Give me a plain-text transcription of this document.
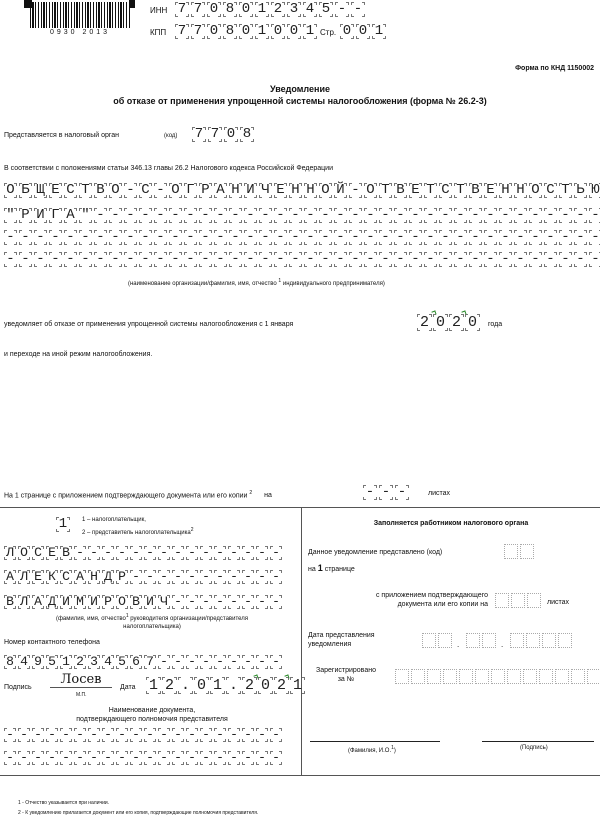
0930 2013
ИНН 7 7 0 8 0 1 2 3 4 5 - -
КПП 7 7 0 8 0 1 0 0 1 Стр. 0 0 1
Форма по КНД 1150002
Уведомление
об отказе от применения упрощенной системы налогообложения (форма № 26.2-3)
Представляется в налоговый орган	(код) 7 7 0 8
В соответствии с положениями статьи 346.13 главы 26.2 Налогового кодекса Российской Федерации
О Б Щ Е С Т В О - С - О Г Р А Н И Ч Е Н Н О Й - О Т В Е Т С Т В Е Н Н О С Т Ь Ю
" Р И Г А " - - - - - - - - - - - - - - - - - - - - - - - - - - - - - - - - - -
- - - - - - - - - - - - - - - - - - - - - - - - - - - - - - - - - - - - - - - -
- - - - - - - - - - - - - - - - - - - - - - - - - - - - - - - - - - - - - - - -
(наименование организации/фамилия, имя, отчество $^1$ индивидуального предпринимателя)
уведомляет об отказе от применения упрощенной системы налогообложения с 1 января	2 0 2 0	года
и переходе на иной режим налогообложения.
На 1 странице с приложением подтверждающего документа или его копии $^2$ на	- - -	листах
1	1 – налогоплательщик,
2 – представитель налогоплательщика$^2$
Л О С Е В - - - - - - - - - - - - - - -
А Л Е К С А Н Д Р - - - - - - - - - - -
В Л А Д И М И Р О В И Ч - - - - - - - -
(фамилия, имя, отчество$^1$ руководителя организации/представителя
налогоплательщика)
Номер контактного телефона
8 4 9 5 1 2 3 4 5 6 7 - - - - - - - - -
Подпись
Лосев
М.П.
Дата 1 2 . 0 1 . 2 0 2 1
Наименование документа,
подтверждающего полномочия представителя
- - - - - - - - - - - - - - - - - - - -
- - - - - - - - - - - - - - - - - - - -
Заполняется работником налогового органа
Данное уведомление представлено (код)
на 1 странице
с приложением подтверждающего
документа или его копии на	листах
Дата представления
уведомления	.	.
Зарегистрировано
за №
(Фамилия, И.О.$^1$)	(Подпись)
1 - Отчество указывается при наличии.
2 - К уведомлению прилагается документ или его копия, подтверждающие полномочия представителя.
